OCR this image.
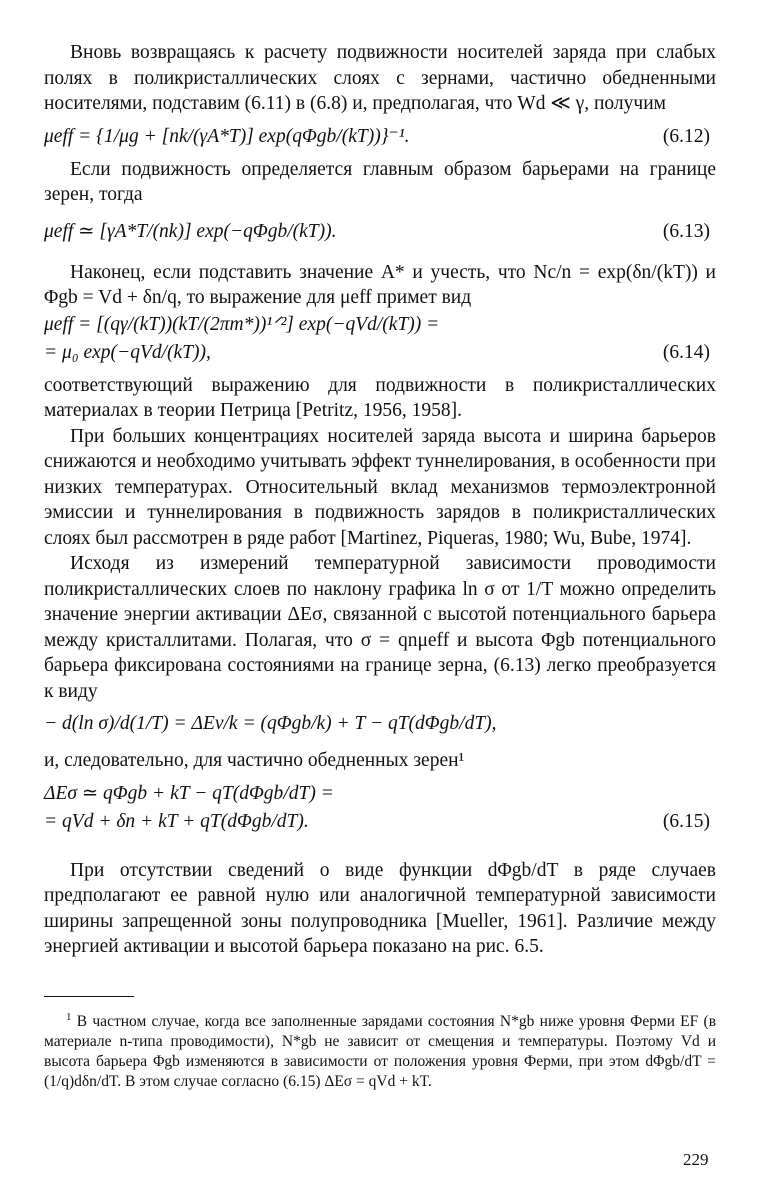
Вновь возвращаясь к расчету подвижности носителей заряда при слабых полях в поликристаллических слоях с зернами, частично обедненными носителями, подставим (6.11) в (6.8) и, предполагая, что Wd ≪ γ, получим

μeff = {1/μg + [nk/(γA*T)] exp(qΦgb/(kT))}⁻¹.	(6.12)

Если подвижность определяется главным образом барьерами на границе зерен, тогда

μeff ≃ [γA*T/(nk)] exp(−qΦgb/(kT)).	(6.13)

Наконец, если подставить значение A* и учесть, что Nc/n = exp(δn/(kT)) и Φgb = Vd + δn/q, то выражение для μeff примет вид

μeff = [(qγ/(kT))(kT/(2πm*))¹ᐟ²] exp(−qVd/(kT)) =
= μ₀ exp(−qVd/(kT)),	(6.14)

соответствующий выражению для подвижности в поликристаллических материалах в теории Петрица [Petritz, 1956, 1958].

При больших концентрациях носителей заряда высота и ширина барьеров снижаются и необходимо учитывать эффект туннелирования, в особенности при низких температурах. Относительный вклад механизмов термоэлектронной эмиссии и туннелирования в подвижность зарядов в поликристаллических слоях был рассмотрен в ряде работ [Martinez, Piqueras, 1980; Wu, Bube, 1974].

Исходя из измерений температурной зависимости проводимости поликристаллических слоев по наклону графика ln σ от 1/T можно определить значение энергии активации ΔEσ, связанной с высотой потенциального барьера между кристаллитами. Полагая, что σ = qnμeff и высота Φgb потенциального барьера фиксирована состояниями на границе зерна, (6.13) легко преобразуется к виду

− d(ln σ)/d(1/T) = ΔEv/k = (qΦgb/k) + T − qT(dΦgb/dT),

и, следовательно, для частично обедненных зерен¹

ΔEσ ≃ qΦgb + kT − qT(dΦgb/dT) =
= qVd + δn + kT + qT(dΦgb/dT).	(6.15)

При отсутствии сведений о виде функции dΦgb/dT в ряде случаев предполагают ее равной нулю или аналогичной температурной зависимости ширины запрещенной зоны полупроводника [Mueller, 1961]. Различие между энергией активации и высотой барьера показано на рис. 6.5.

$^1$ В частном случае, когда все заполненные зарядами состояния N*gb ниже уровня Ферми EF (в материале n-типа проводимости), N*gb не зависит от смещения и температуры. Поэтому Vd и высота барьера Φgb изменяются в зависимости от положения уровня Ферми, при этом dΦgb/dT = (1/q)dδn/dT. В этом случае согласно (6.15) ΔEσ = qVd + kT.

229
